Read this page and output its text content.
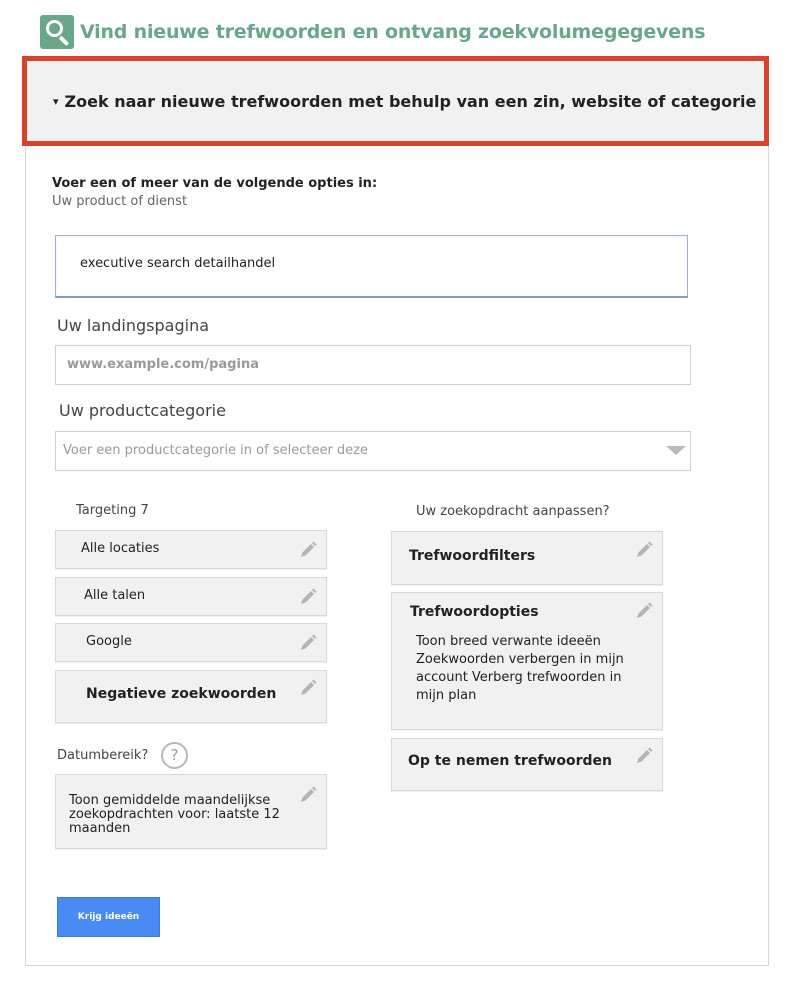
Vind nieuwe trefwoorden en ontvang zoekvolumegegevens
▾ Zoek naar nieuwe trefwoorden met behulp van een zin, website of categorie
Voer een of meer van de volgende opties in:
Uw product of dienst
executive search detailhandel
Uw landingspagina
www.example.com/pagina
Uw productcategorie
Voer een productcategorie in of selecteer deze
Targeting 7
Alle locaties
Alle talen
Google
Negatieve zoekwoorden
Datumbereik?	?
Toon gemiddelde maandelijkse zoekopdrachten voor: laatste 12 maanden
Uw zoekopdracht aanpassen?
Trefwoordfilters
Trefwoordopties
Toon breed verwante ideeën Zoekwoorden verbergen in mijn account Verberg trefwoorden in mijn plan
Op te nemen trefwoorden
Krijg ideeën
